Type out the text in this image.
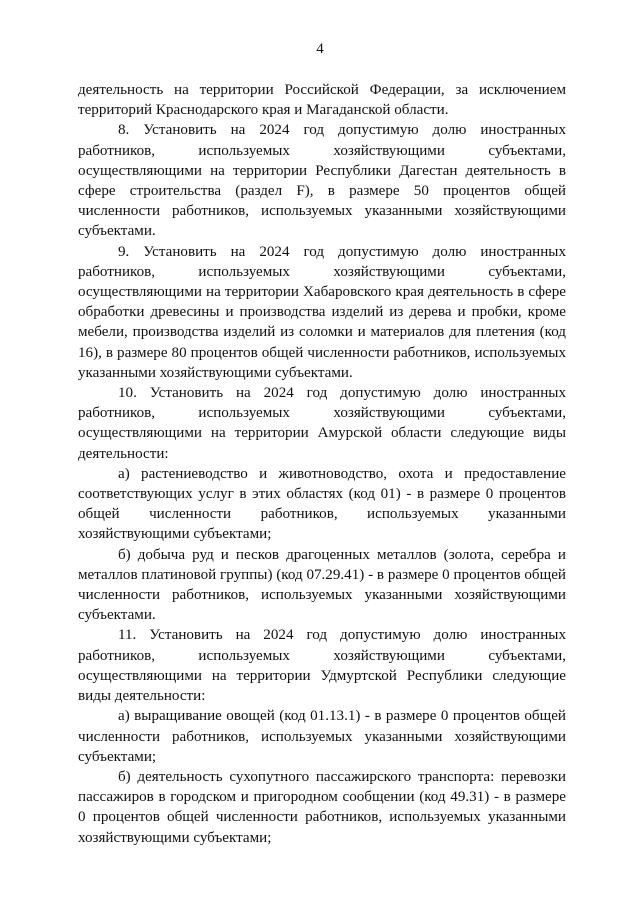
4

деятельность на территории Российской Федерации, за исключением территорий Краснодарского края и Магаданской области.

8. Установить на 2024 год допустимую долю иностранных работников, используемых хозяйствующими субъектами, осуществляющими на территории Республики Дагестан деятельность в сфере строительства (раздел F), в размере 50 процентов общей численности работников, используемых указанными хозяйствующими субъектами.

9. Установить на 2024 год допустимую долю иностранных работников, используемых хозяйствующими субъектами, осуществляющими на территории Хабаровского края деятельность в сфере обработки древесины и производства изделий из дерева и пробки, кроме мебели, производства изделий из соломки и материалов для плетения (код 16), в размере 80 процентов общей численности работников, используемых указанными хозяйствующими субъектами.

10. Установить на 2024 год допустимую долю иностранных работников, используемых хозяйствующими субъектами, осуществляющими на территории Амурской области следующие виды деятельности:

а) растениеводство и животноводство, охота и предоставление соответствующих услуг в этих областях (код 01) - в размере 0 процентов общей численности работников, используемых указанными хозяйствующими субъектами;

б) добыча руд и песков драгоценных металлов (золота, серебра и металлов платиновой группы) (код 07.29.41) - в размере 0 процентов общей численности работников, используемых указанными хозяйствующими субъектами.

11. Установить на 2024 год допустимую долю иностранных работников, используемых хозяйствующими субъектами, осуществляющими на территории Удмуртской Республики следующие виды деятельности:

а) выращивание овощей (код 01.13.1) - в размере 0 процентов общей численности работников, используемых указанными хозяйствующими субъектами;

б) деятельность сухопутного пассажирского транспорта: перевозки пассажиров в городском и пригородном сообщении (код 49.31) - в размере 0 процентов общей численности работников, используемых указанными хозяйствующими субъектами;
